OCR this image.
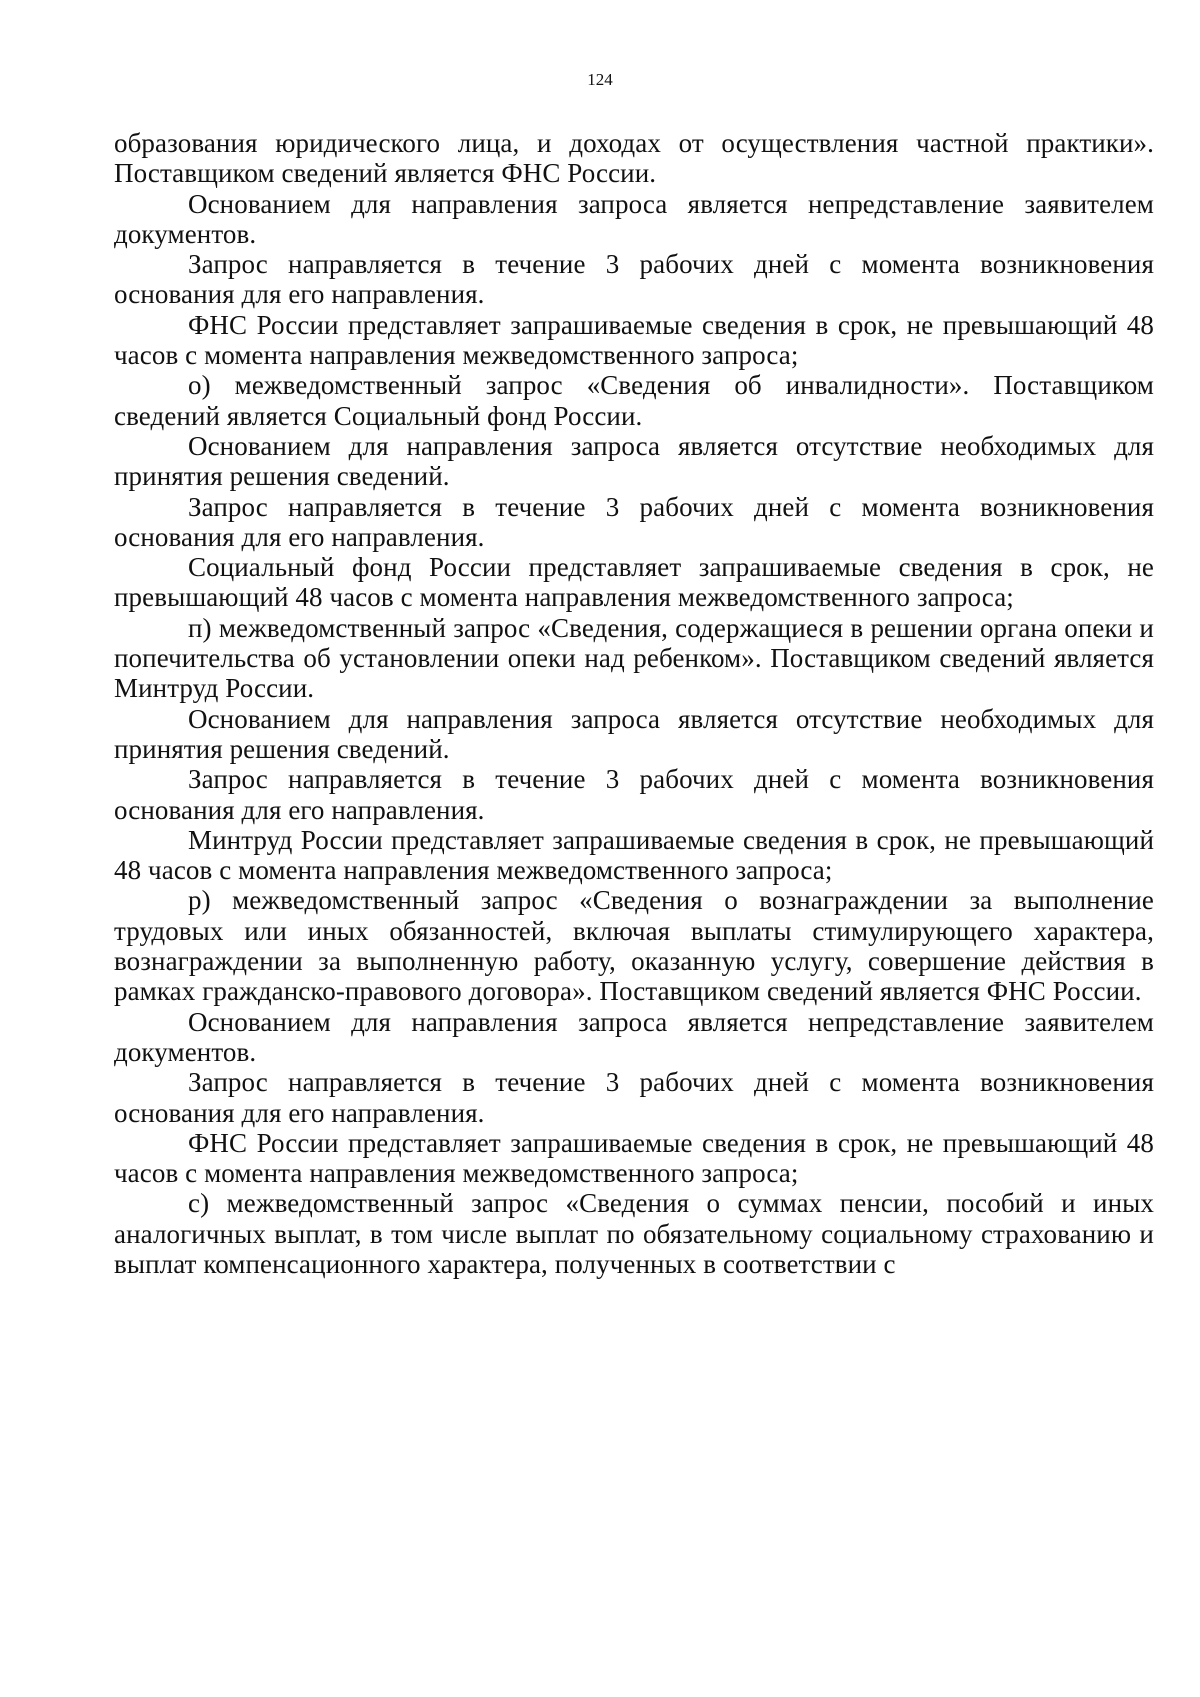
124

образования юридического лица, и доходах от осуществления частной практики». Поставщиком сведений является ФНС России.

Основанием для направления запроса является непредставление заявителем документов.

Запрос направляется в течение 3 рабочих дней с момента возникновения основания для его направления.

ФНС России представляет запрашиваемые сведения в срок, не превышающий 48 часов с момента направления межведомственного запроса;

о) межведомственный запрос «Сведения об инвалидности». Поставщиком сведений является Социальный фонд России.

Основанием для направления запроса является отсутствие необходимых для принятия решения сведений.

Запрос направляется в течение 3 рабочих дней с момента возникновения основания для его направления.

Социальный фонд России представляет запрашиваемые сведения в срок, не превышающий 48 часов с момента направления межведомственного запроса;

п) межведомственный запрос «Сведения, содержащиеся в решении органа опеки и попечительства об установлении опеки над ребенком». Поставщиком сведений является Минтруд России.

Основанием для направления запроса является отсутствие необходимых для принятия решения сведений.

Запрос направляется в течение 3 рабочих дней с момента возникновения основания для его направления.

Минтруд России представляет запрашиваемые сведения в срок, не превышающий 48 часов с момента направления межведомственного запроса;

р) межведомственный запрос «Сведения о вознаграждении за выполнение трудовых или иных обязанностей, включая выплаты стимулирующего характера, вознаграждении за выполненную работу, оказанную услугу, совершение действия в рамках гражданско-правового договора». Поставщиком сведений является ФНС России.

Основанием для направления запроса является непредставление заявителем документов.

Запрос направляется в течение 3 рабочих дней с момента возникновения основания для его направления.

ФНС России представляет запрашиваемые сведения в срок, не превышающий 48 часов с момента направления межведомственного запроса;

с) межведомственный запрос «Сведения о суммах пенсии, пособий и иных аналогичных выплат, в том числе выплат по обязательному социальному страхованию и выплат компенсационного характера, полученных в соответствии с
